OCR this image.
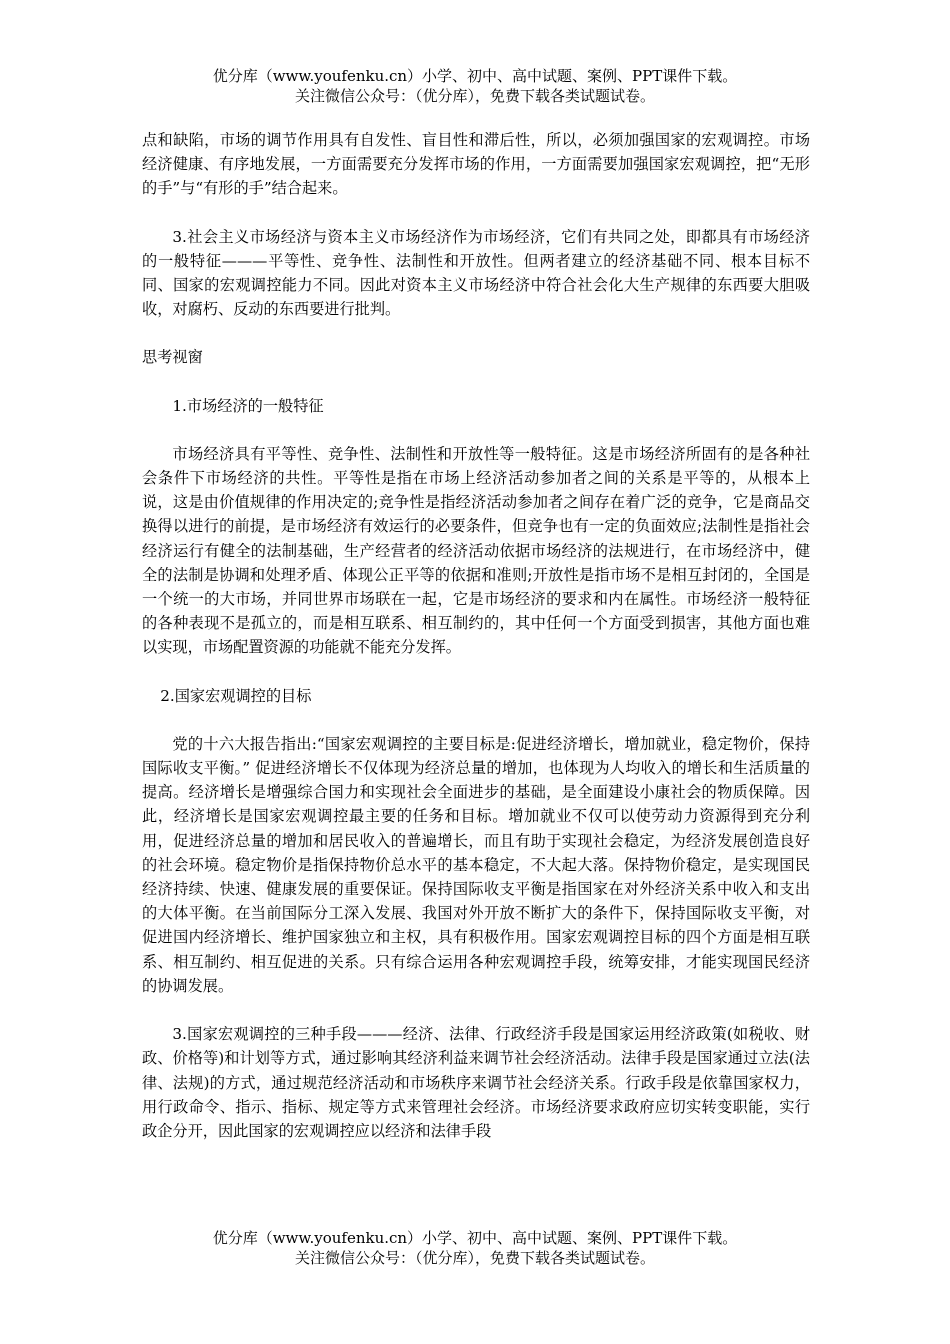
优分库（www.youfenku.cn）小学、初中、高中试题、案例、PPT课件下载。
关注微信公众号：（优分库），免费下载各类试题试卷。

点和缺陷，市场的调节作用具有自发性、盲目性和滞后性，所以，必须加强国家的宏观调控。市场经济健康、有序地发展，一方面需要充分发挥市场的作用，一方面需要加强国家宏观调控，把“无形的手”与“有形的手”结合起来。

3.社会主义市场经济与资本主义市场经济作为市场经济，它们有共同之处，即都具有市场经济 的一般特征———平等性、竞争性、法制性和开放性。但两者建立的经济基础不同、根本目标不同、国家的宏观调控能力不同。因此对资本主义市场经济中符合社会化大生产规律的东西要大胆吸收，对腐朽、反动的东西要进行批判。

思考视窗

1.市场经济的一般特征

市场经济具有平等性、竞争性、法制性和开放性等一般特征。这是市场经济所固有的是各种社会条件下市场经济的共性。平等性是指在市场上经济活动参加者之间的关系是平等的，从根本上说，这是由价值规律的作用决定的;竞争性是指经济活动参加者之间存在着广泛的竞争，它是商品交 换得以进行的前提，是市场经济有效运行的必要条件，但竞争也有一定的负面效应;法制性是指社会经济运行有健全的法制基础，生产经营者的经济活动依据市场经济的法规进行，在市场经济中，健全的法制是协调和处理矛盾、体现公正平等的依据和准则;开放性是指市场不是相互封闭的，全国是一个统一的大市场，并同世界市场联在一起，它是市场经济的要求和内在属性。市场经济一般特征的各种表现不是孤立的，而是相互联系、相互制约的，其中任何一个方面受到损害，其他方面也难以实现，市场配置资源的功能就不能充分发挥。

2.国家宏观调控的目标

党的十六大报告指出:“国家宏观调控的主要目标是:促进经济增长，增加就业，稳定物价，保持国际收支平衡。” 促进经济增长不仅体现为经济总量的增加，也体现为人均收入的增长和生活质量的提高。经济增长是增强综合国力和实现社会全面进步的基础，是全面建设小康社会的物质保障。因此，经济增长是国家宏观调控最主要的任务和目标。增加就业不仅可以使劳动力资源得到充分利用，促进经济总量的增加和居民收入的普遍增长，而且有助于实现社会稳定，为经济发展创造良好的社会环境。稳定物价是指保持物价总水平的基本稳定，不大起大落。保持物价稳定，是实现国民经济持续、快速、健康发展的重要保证。保持国际收支平衡是指国家在对外经济关系中收入和支出的大体平衡。在当前国际分工深入发展、我国对外开放不断扩大的条件下，保持国际收支平衡，对促进国内经济增长、维护国家独立和主权，具有积极作用。国家宏观调控目标的四个方面是相互联系、相互制约、相互促进的关系。只有综合运用各种宏观调控手段，统筹安排，才能实现国民经济的协调发展。

3.国家宏观调控的三种手段———经济、法律、行政经济手段是国家运用经济政策(如税收、财政、价格等)和计划等方式，通过影响其经济利益来调节社会经济活动。法律手段是国家通过立法(法律、法规)的方式，通过规范经济活动和市场秩序来调节社会经济关系。行政手段是依靠国家权力，用行政命令、指示、指标、规定等方式来管理社会经济。市场经济要求政府应切实转变职能，实行政企分开，因此国家的宏观调控应以经济和法律手段

优分库（www.youfenku.cn）小学、初中、高中试题、案例、PPT课件下载。
关注微信公众号：（优分库），免费下载各类试题试卷。
